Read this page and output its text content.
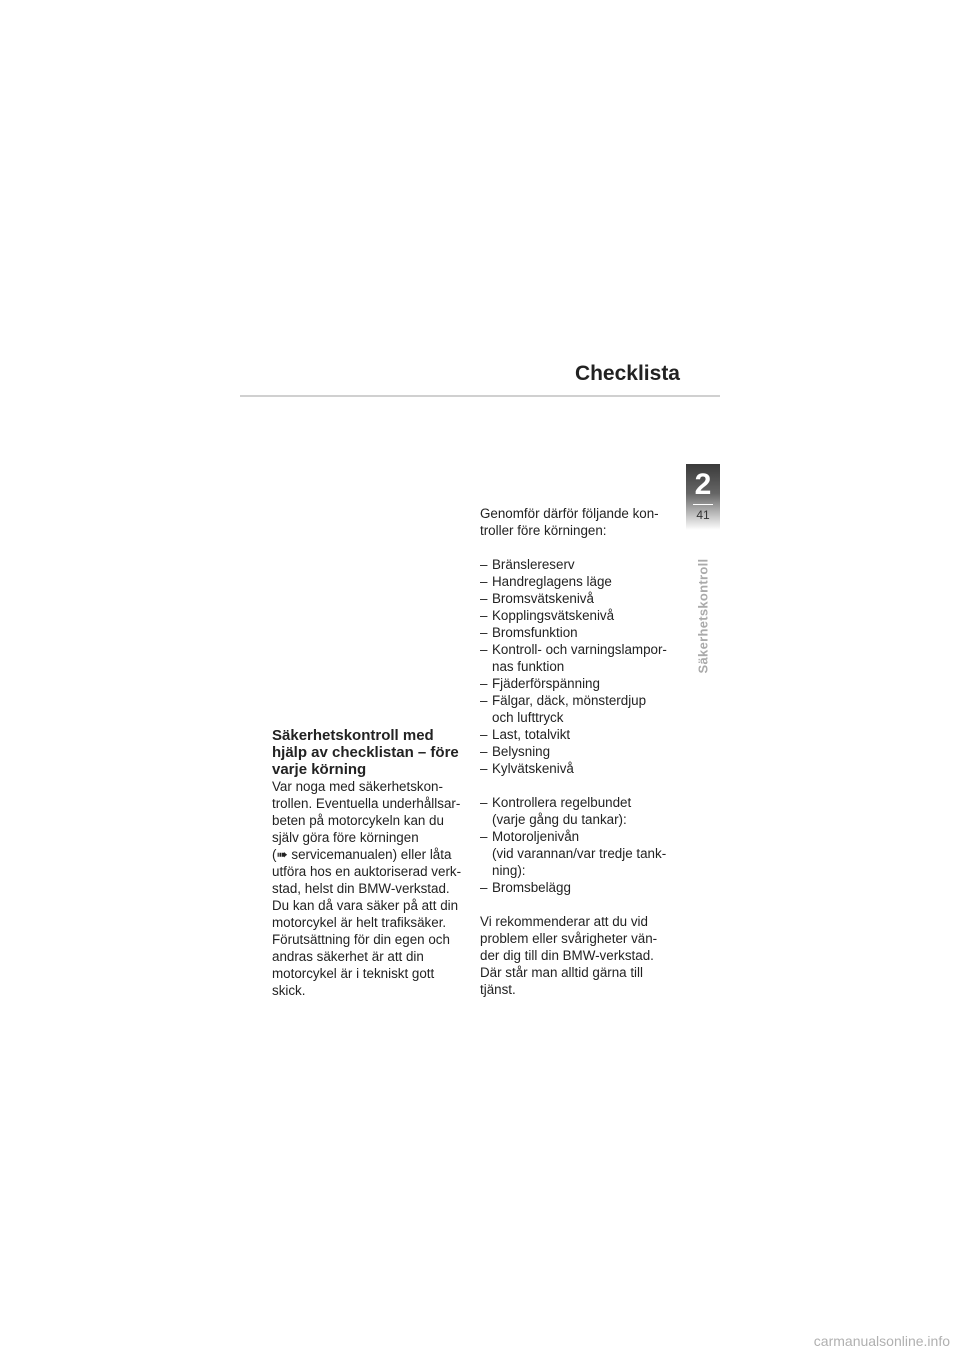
Checklista
2
41
Säkerhetskontroll
Säkerhetskontroll med
hjälp av checklistan – före
varje körning

Var noga med säkerhetskon-
trollen. Eventuella underhållsar-
beten på motorcykeln kan du
själv göra före körningen
(➠ servicemanualen) eller låta
utföra hos en auktoriserad verk-
stad, helst din BMW-verkstad.
Du kan då vara säker på att din
motorcykel är helt trafiksäker.
Förutsättning för din egen och
andras säkerhet är att din
motorcykel är i tekniskt gott
skick.

Genomför därför följande kon-
troller före körningen:

– Bränslereserv
– Handreglagens läge
– Bromsvätskenivå
– Kopplingsvätskenivå
– Bromsfunktion
– Kontroll- och varningslampor-
nas funktion
– Fjäderförspänning
– Fälgar, däck, mönsterdjup
och lufttryck
– Last, totalvikt
– Belysning
– Kylvätskenivå
– Kontrollera regelbundet
(varje gång du tankar):
– Motoroljenivån
(vid varannan/var tredje tank-
ning):
– Bromsbelägg

Vi rekommenderar att du vid
problem eller svårigheter vän-
der dig till din BMW-verkstad.
Där står man alltid gärna till
tjänst.

carmanualsonline.info
